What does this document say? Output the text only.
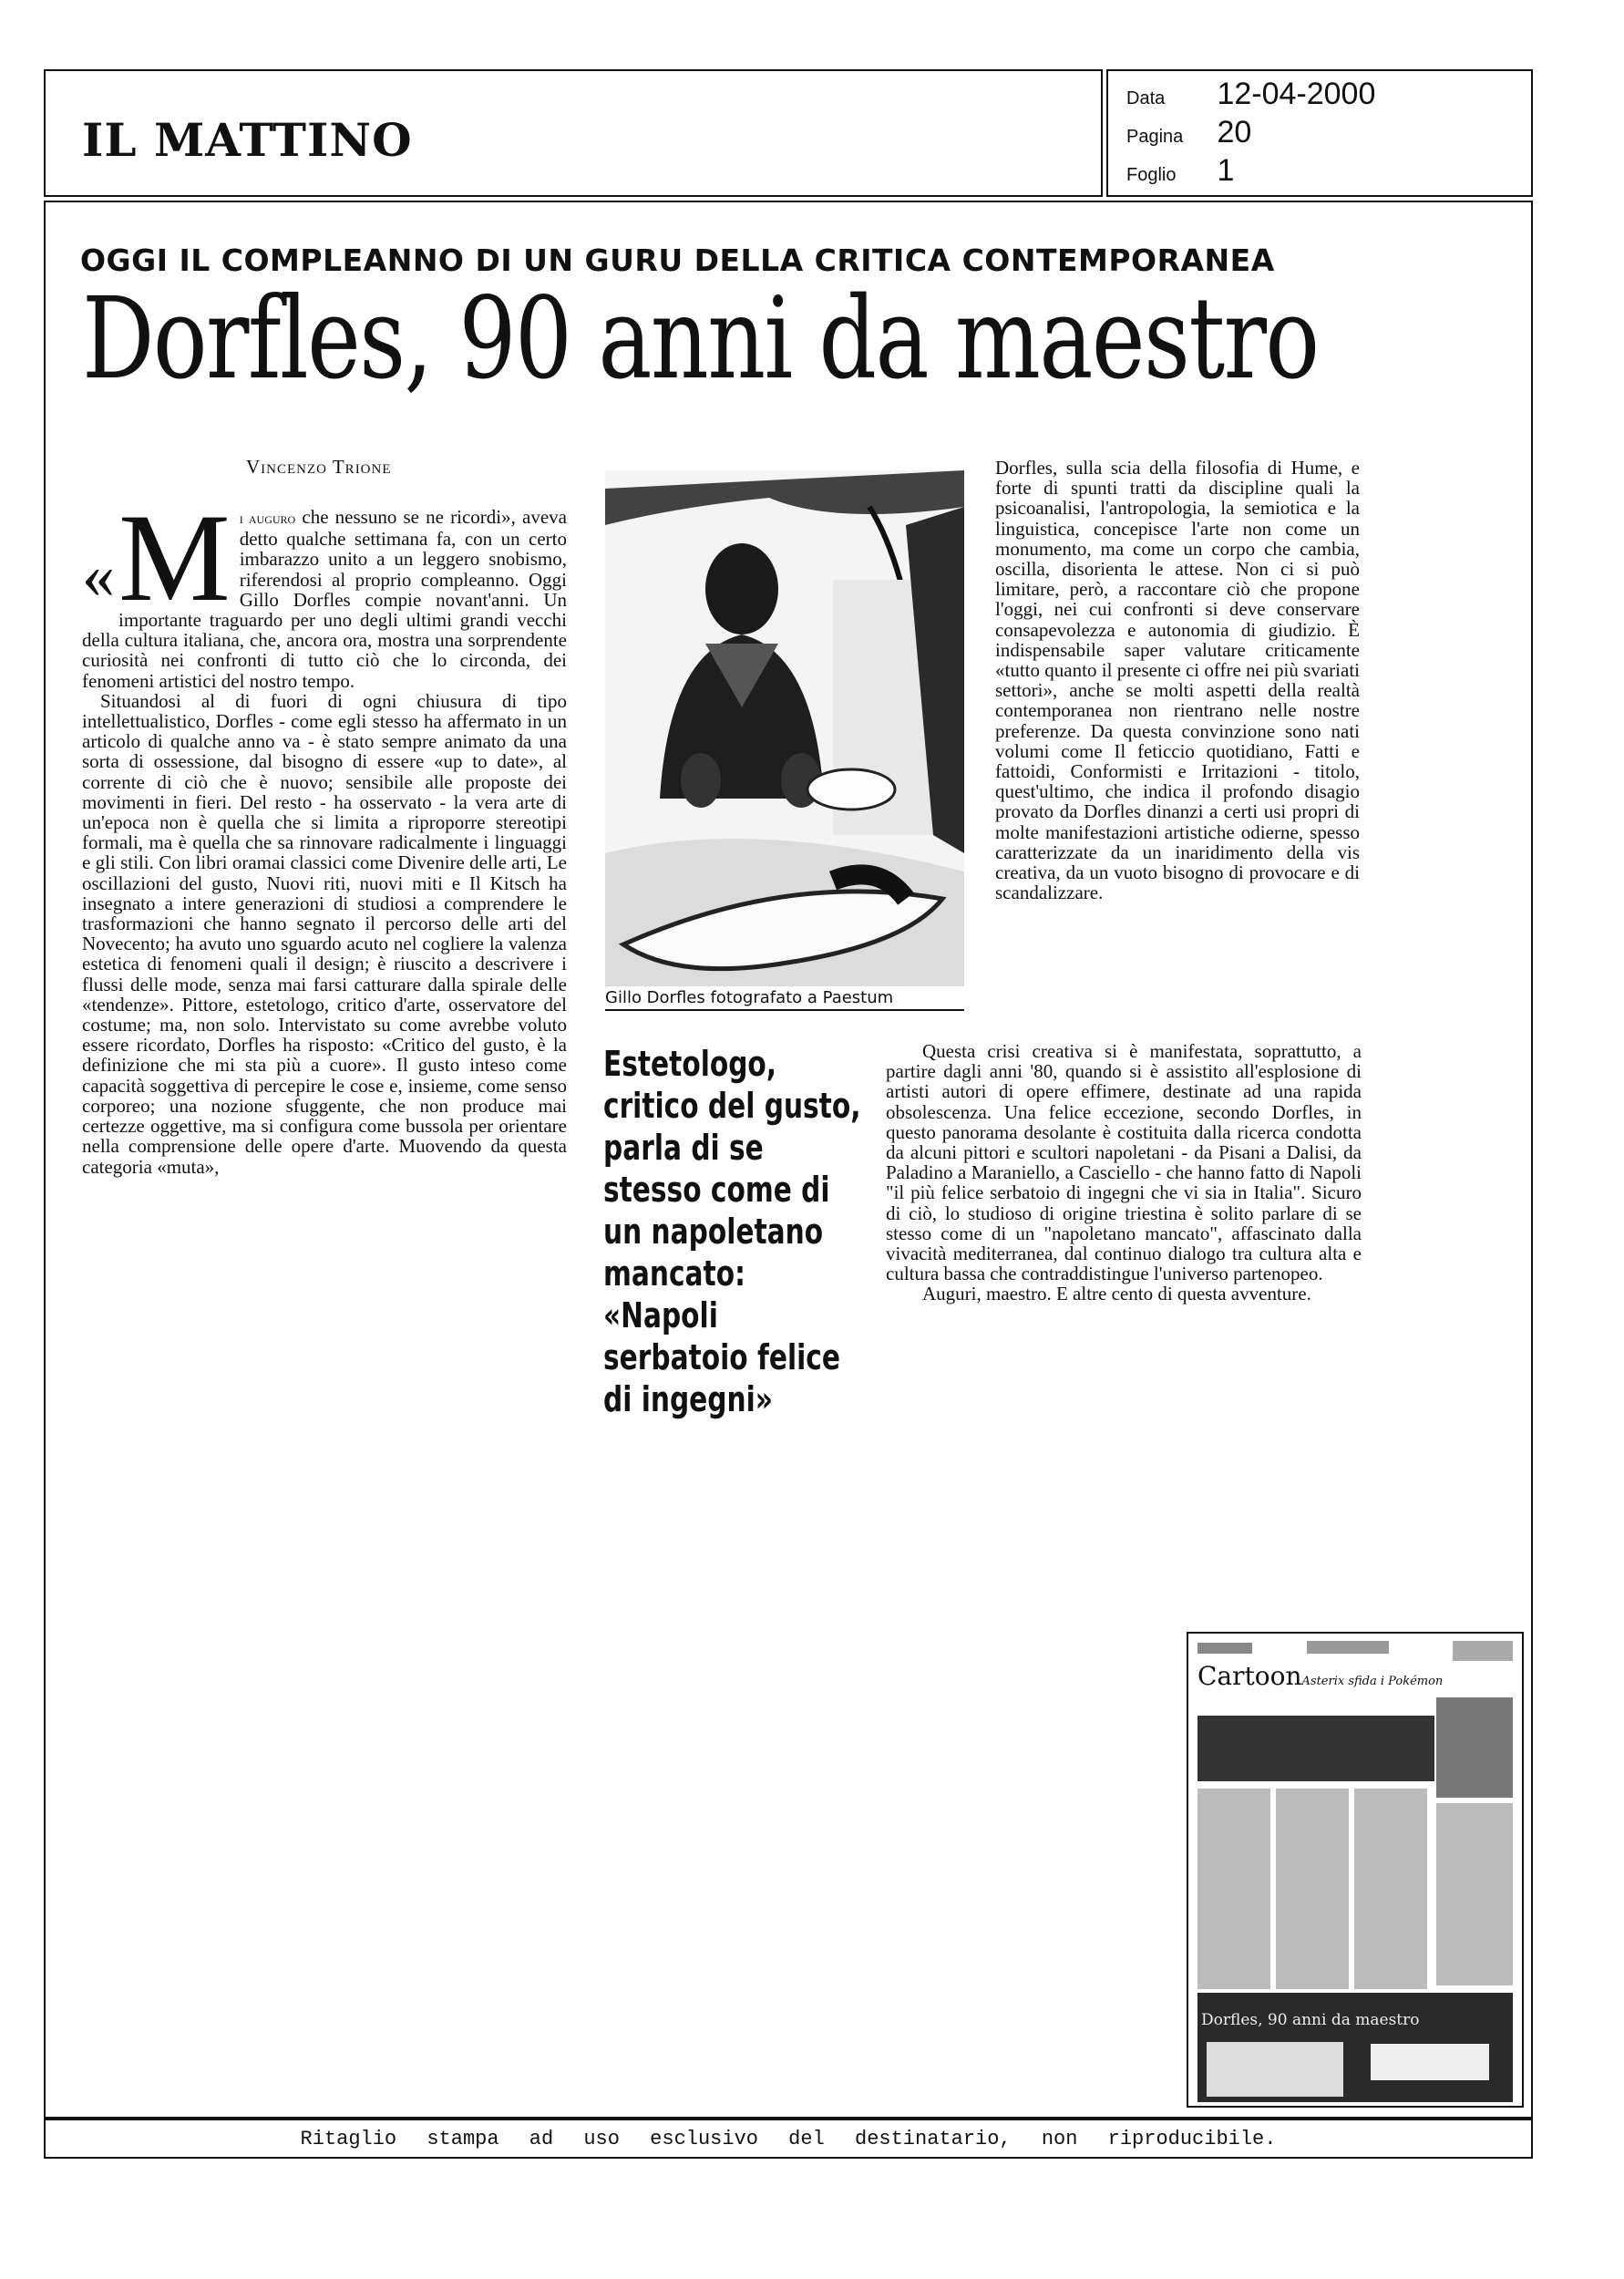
IL MATTINO
Data 12-04-2000
Pagina 20
Foglio 1
OGGI IL COMPLEANNO DI UN GURU DELLA CRITICA CONTEMPORANEA
Dorfles, 90 anni da maestro
Vincenzo Trione

« M i auguro che nessuno se ne ricordi», aveva detto qualche settimana fa, con un certo imbarazzo unito a un leggero snobismo, riferendosi al proprio compleanno. Oggi Gillo Dorfles compie novant'anni. Un importante traguardo per uno degli ultimi grandi vecchi della cultura italiana, che, ancora ora, mostra una sorprendente curiosità nei confronti di tutto ciò che lo circonda, dei fenomeni artistici del nostro tempo.

Situandosi al di fuori di ogni chiusura di tipo intellettualistico, Dorfles - come egli stesso ha affermato in un articolo di qualche anno va - è stato sempre animato da una sorta di ossessione, dal bisogno di essere «up to date», al corrente di ciò che è nuovo; sensibile alle proposte dei movimenti in fieri. Del resto - ha osservato - la vera arte di un'epoca non è quella che si limita a riproporre stereotipi formali, ma è quella che sa rinnovare radicalmente i linguaggi e gli stili. Con libri oramai classici come Divenire delle arti, Le oscillazioni del gusto, Nuovi riti, nuovi miti e Il Kitsch ha insegnato a intere generazioni di studiosi a comprendere le trasformazioni che hanno segnato il percorso delle arti del Novecento; ha avuto uno sguardo acuto nel cogliere la valenza estetica di fenomeni quali il design; è riuscito a descrivere i flussi delle mode, senza mai farsi catturare dalla spirale delle «tendenze». Pittore, estetologo, critico d'arte, osservatore del costume; ma, non solo. Intervistato su come avrebbe voluto essere ricordato, Dorfles ha risposto: «Critico del gusto, è la definizione che mi sta più a cuore». Il gusto inteso come capacità soggettiva di percepire le cose e, insieme, come senso corporeo; una nozione sfuggente, che non produce mai certezze oggettive, ma si configura come bussola per orientare nella comprensione delle opere d'arte. Muovendo da questa categoria «muta»,

Gillo Dorfles fotografato a Paestum
Estetologo, critico del gusto, parla di se stesso come di un napoletano mancato: «Napoli serbatoio felice di ingegni»

Dorfles, sulla scia della filosofia di Hume, e forte di spunti tratti da discipline quali la psicoanalisi, l'antropologia, la semiotica e la linguistica, concepisce l'arte non come un monumento, ma come un corpo che cambia, oscilla, disorienta le attese. Non ci si può limitare, però, a raccontare ciò che propone l'oggi, nei cui confronti si deve conservare consapevolezza e autonomia di giudizio. È indispensabile saper valutare criticamente «tutto quanto il presente ci offre nei più svariati settori», anche se molti aspetti della realtà contemporanea non rientrano nelle nostre preferenze. Da questa convinzione sono nati volumi come Il feticcio quotidiano, Fatti e fattoidi, Conformisti e Irritazioni - titolo, quest'ultimo, che indica il profondo disagio provato da Dorfles dinanzi a certi usi propri di molte manifestazioni artistiche odierne, spesso caratterizzate da un inaridimento della vis creativa, da un vuoto bisogno di provocare e di scandalizzare.

Questa crisi creativa si è manifestata, soprattutto, a partire dagli anni '80, quando si è assistito all'esplosione di artisti autori di opere effimere, destinate ad una rapida obsolescenza. Una felice eccezione, secondo Dorfles, in questo panorama desolante è costituita dalla ricerca condotta da alcuni pittori e scultori napoletani - da Pisani a Dalisi, da Paladino a Maraniello, a Casciello - che hanno fatto di Napoli "il più felice serbatoio di ingegni che vi sia in Italia". Sicuro di ciò, lo studioso di origine triestina è solito parlare di se stesso come di un "napoletano mancato", affascinato dalla vivacità mediterranea, dal continuo dialogo tra cultura alta e cultura bassa che contraddistingue l'universo partenopeo.

Auguri, maestro. E altre cento di questa avventure.

CartoonAsterix sfida i Pokémon
Dorfles, 90 anni da maestro
Ritaglio stampa ad uso esclusivo del destinatario, non riproducibile.
